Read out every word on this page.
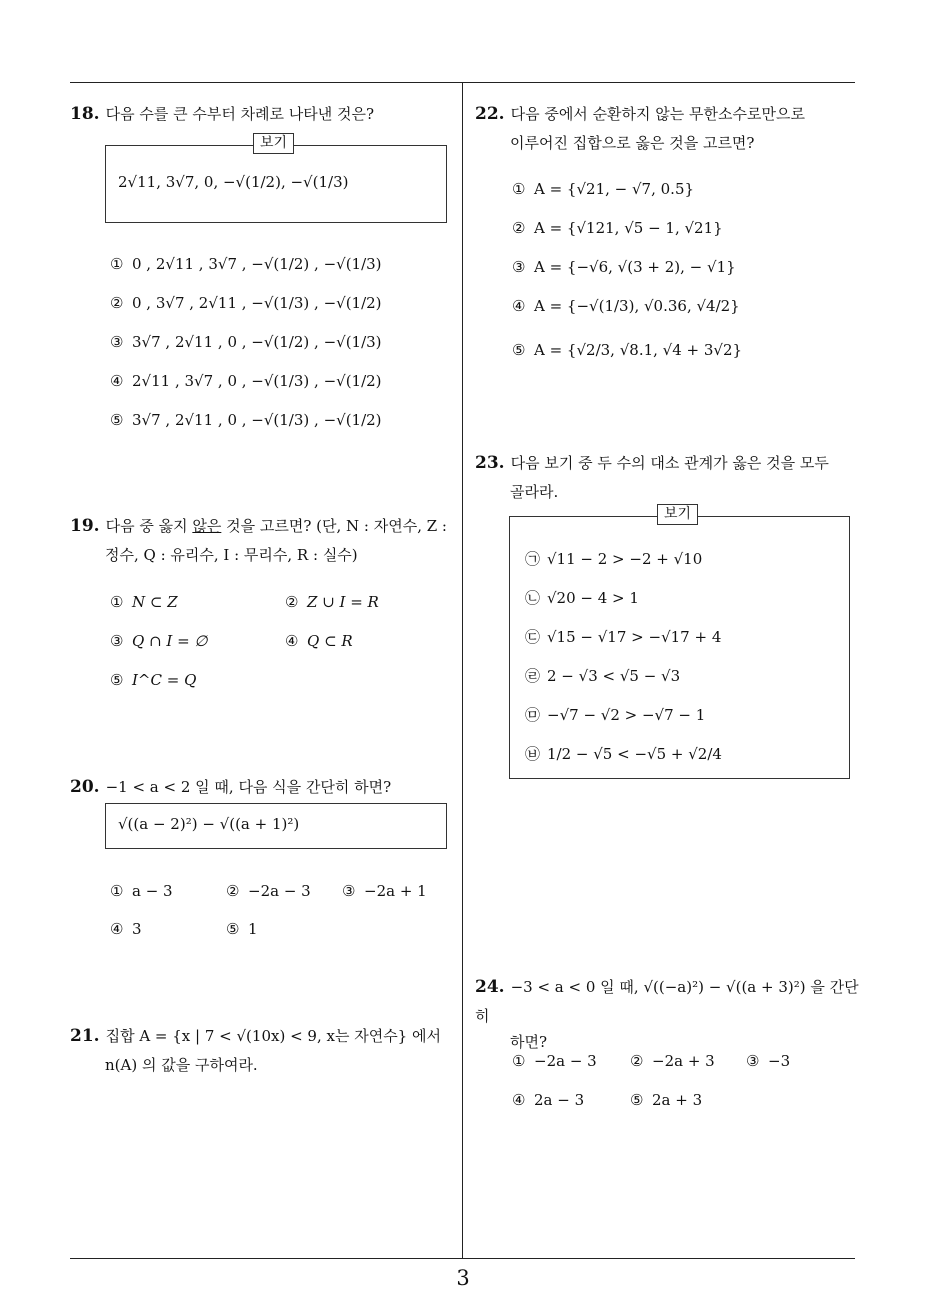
18. 다음 수를 큰 수부터 차례로 나타낸 것은?

보기
2√11, 3√7, 0, −√(1/2), −√(1/3)
① 0 , 2√11 , 3√7 , −√(1/2) , −√(1/3)
② 0 , 3√7 , 2√11 , −√(1/3) , −√(1/2)
③ 3√7 , 2√11 , 0 , −√(1/2) , −√(1/3)
④ 2√11 , 3√7 , 0 , −√(1/3) , −√(1/2)
⑤ 3√7 , 2√11 , 0 , −√(1/3) , −√(1/2)

19. 다음 중 옳지 않은 것을 고르면? (단, N : 자연수, Z :

정수, Q : 유리수, I : 무리수, R : 실수)

① N ⊂ Z	② Z ∪ I = R
③ Q ∩ I = ∅	④ Q ⊂ R
⑤ I^C = Q

20. −1 < a < 2 일 때, 다음 식을 간단히 하면?

√((a − 2)²) − √((a + 1)²)
① a − 3	② −2a − 3 ③ −2a + 1
④ 3	⑤ 1

21. 집합 A = {x | 7 < √(10x) < 9, x는 자연수} 에서

n(A) 의 값을 구하여라.

22. 다음 중에서 순환하지 않는 무한소수로만으로

이루어진 집합으로 옳은 것을 고르면?

① A = {√21, − √7, 0.5}
② A = {√121, √5 − 1, √21}
③ A = {−√6, √(3 + 2), − √1}
④ A = {−√(1/3), √0.36, √4/2}
⑤ A = {√2/3, √8.1, √4 + 3√2}

23. 다음 보기 중 두 수의 대소 관계가 옳은 것을 모두

골라라.

보기
㉠ √11 − 2 > −2 + √10
㉡ √20 − 4 > 1
㉢ √15 − √17 > −√17 + 4
㉣ 2 − √3 < √5 − √3
㉤ −√7 − √2 > −√7 − 1
㉥ 1/2 − √5 < −√5 + √2/4

24. −3 < a < 0 일 때, √((−a)²) − √((a + 3)²) 을 간단히

하면?

① −2a − 3 ② −2a + 3 ③ −3
④ 2a − 3	⑤ 2a + 3
3
